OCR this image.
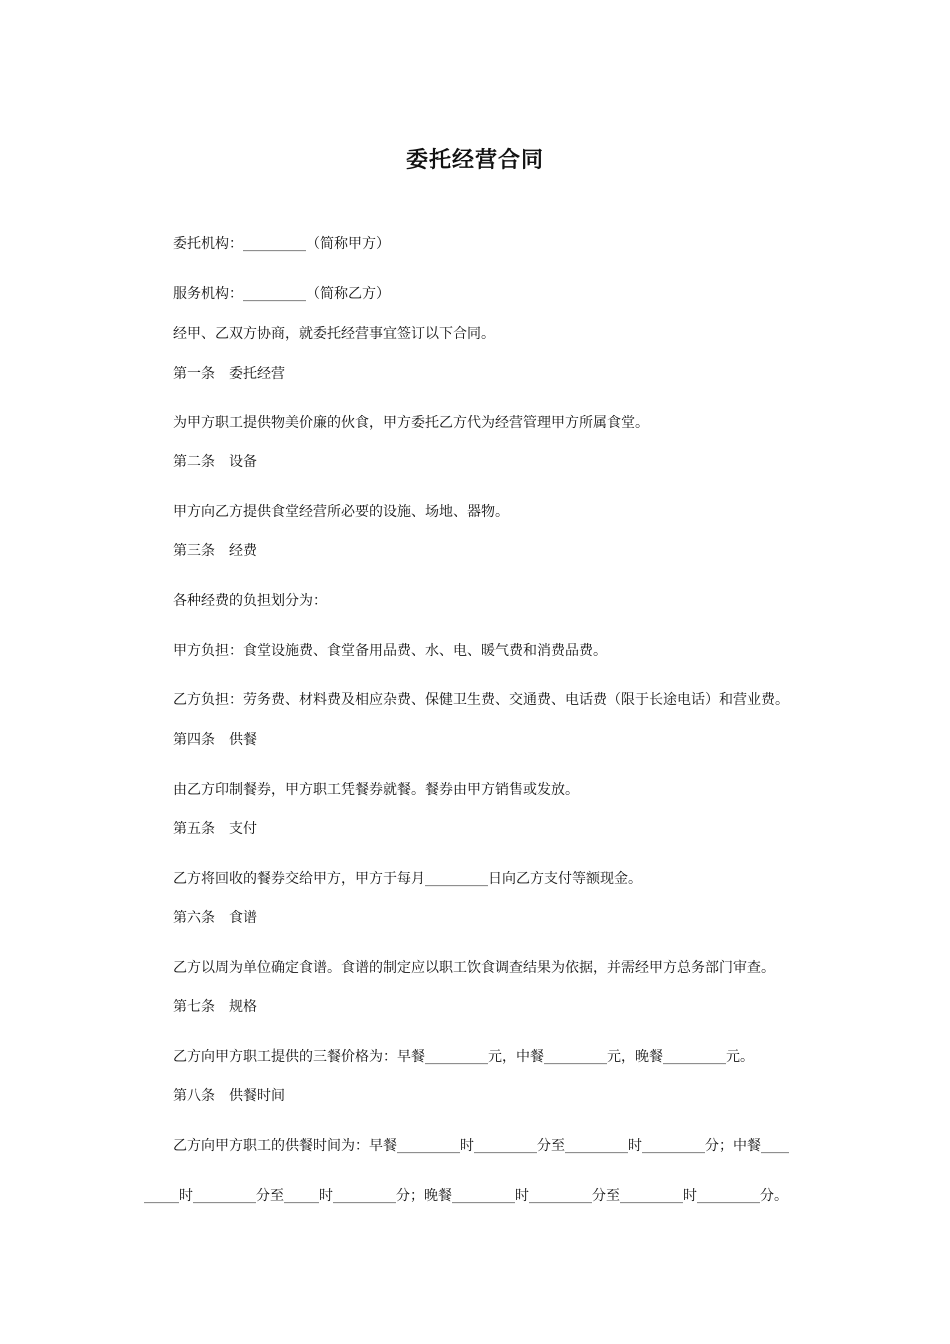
委托经营合同
委托机构：_________（简称甲方）
服务机构：_________（简称乙方）
经甲、乙双方协商，就委托经营事宜签订以下合同。
第一条　委托经营
为甲方职工提供物美价廉的伙食，甲方委托乙方代为经营管理甲方所属食堂。
第二条　设备
甲方向乙方提供食堂经营所必要的设施、场地、器物。
第三条　经费
各种经费的负担划分为：
甲方负担：食堂设施费、食堂备用品费、水、电、暖气费和消费品费。
乙方负担：劳务费、材料费及相应杂费、保健卫生费、交通费、电话费（限于长途电话）和营业费。
第四条　供餐
由乙方印制餐券，甲方职工凭餐券就餐。餐券由甲方销售或发放。
第五条　支付
乙方将回收的餐券交给甲方，甲方于每月_________日向乙方支付等额现金。
第六条　食谱
乙方以周为单位确定食谱。食谱的制定应以职工饮食调查结果为依据，并需经甲方总务部门审查。
第七条　规格
乙方向甲方职工提供的三餐价格为：早餐_________元，中餐_________元，晚餐_________元。
第八条　供餐时间
乙方向甲方职工的供餐时间为：早餐_________时_________分至_________时_________分；中餐____
_____时_________分至_____时_________分；晚餐_________时_________分至_________时_________分。
